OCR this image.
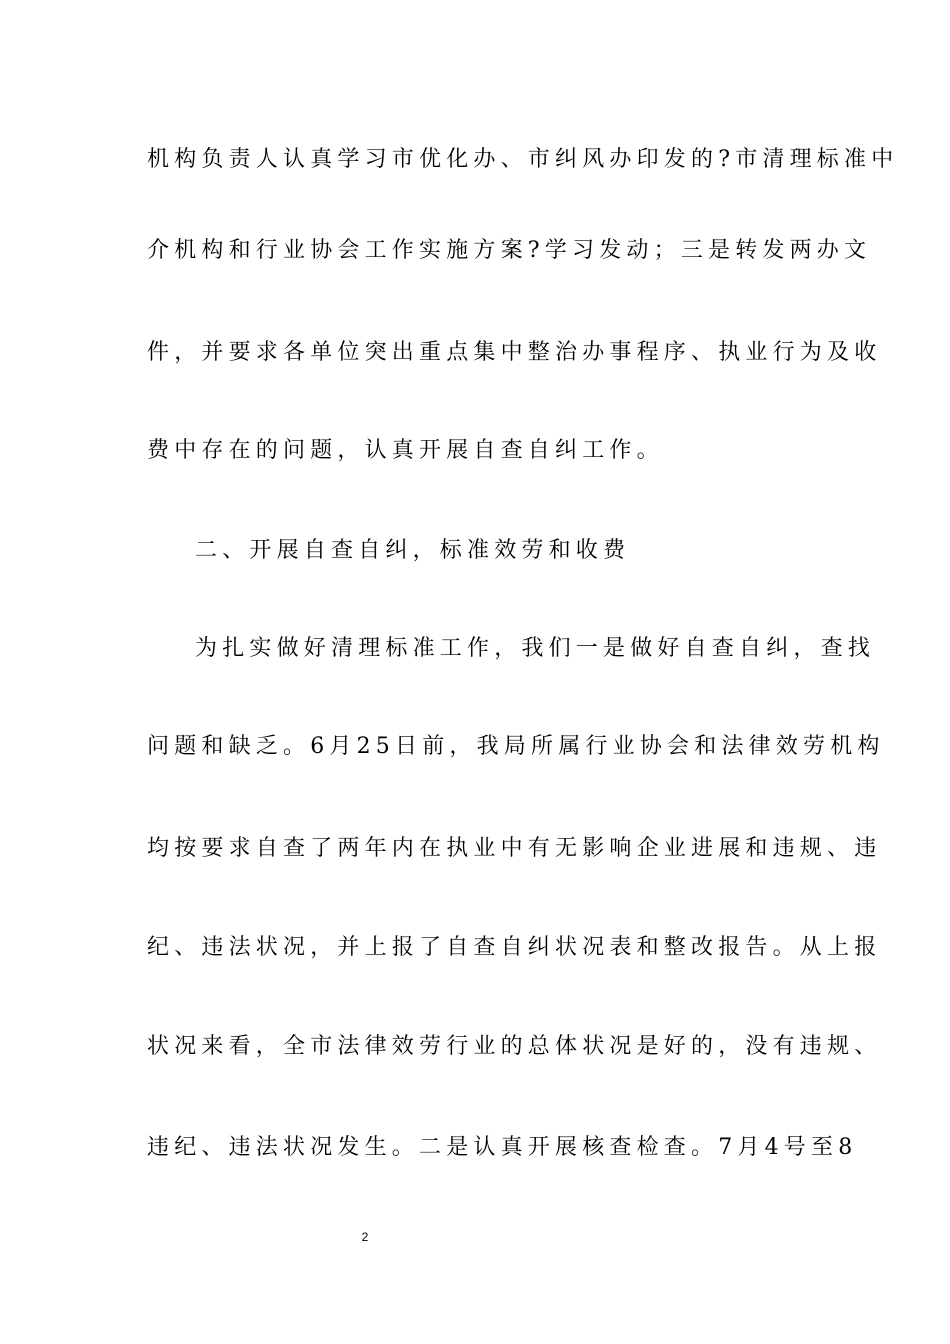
机构负责人认真学习市优化办、市纠风办印发的?市清理标准中
介机构和行业协会工作实施方案?学习发动；三是转发两办文
件，并要求各单位突出重点集中整治办事程序、执业行为及收
费中存在的问题，认真开展自查自纠工作。
二、开展自查自纠，标准效劳和收费
为扎实做好清理标准工作，我们一是做好自查自纠，查找
问题和缺乏。6月25日前，我局所属行业协会和法律效劳机构
均按要求自查了两年内在执业中有无影响企业进展和违规、违
纪、违法状况，并上报了自查自纠状况表和整改报告。从上报
状况来看，全市法律效劳行业的总体状况是好的，没有违规、
违纪、违法状况发生。二是认真开展核查检查。7月4号至8
2
